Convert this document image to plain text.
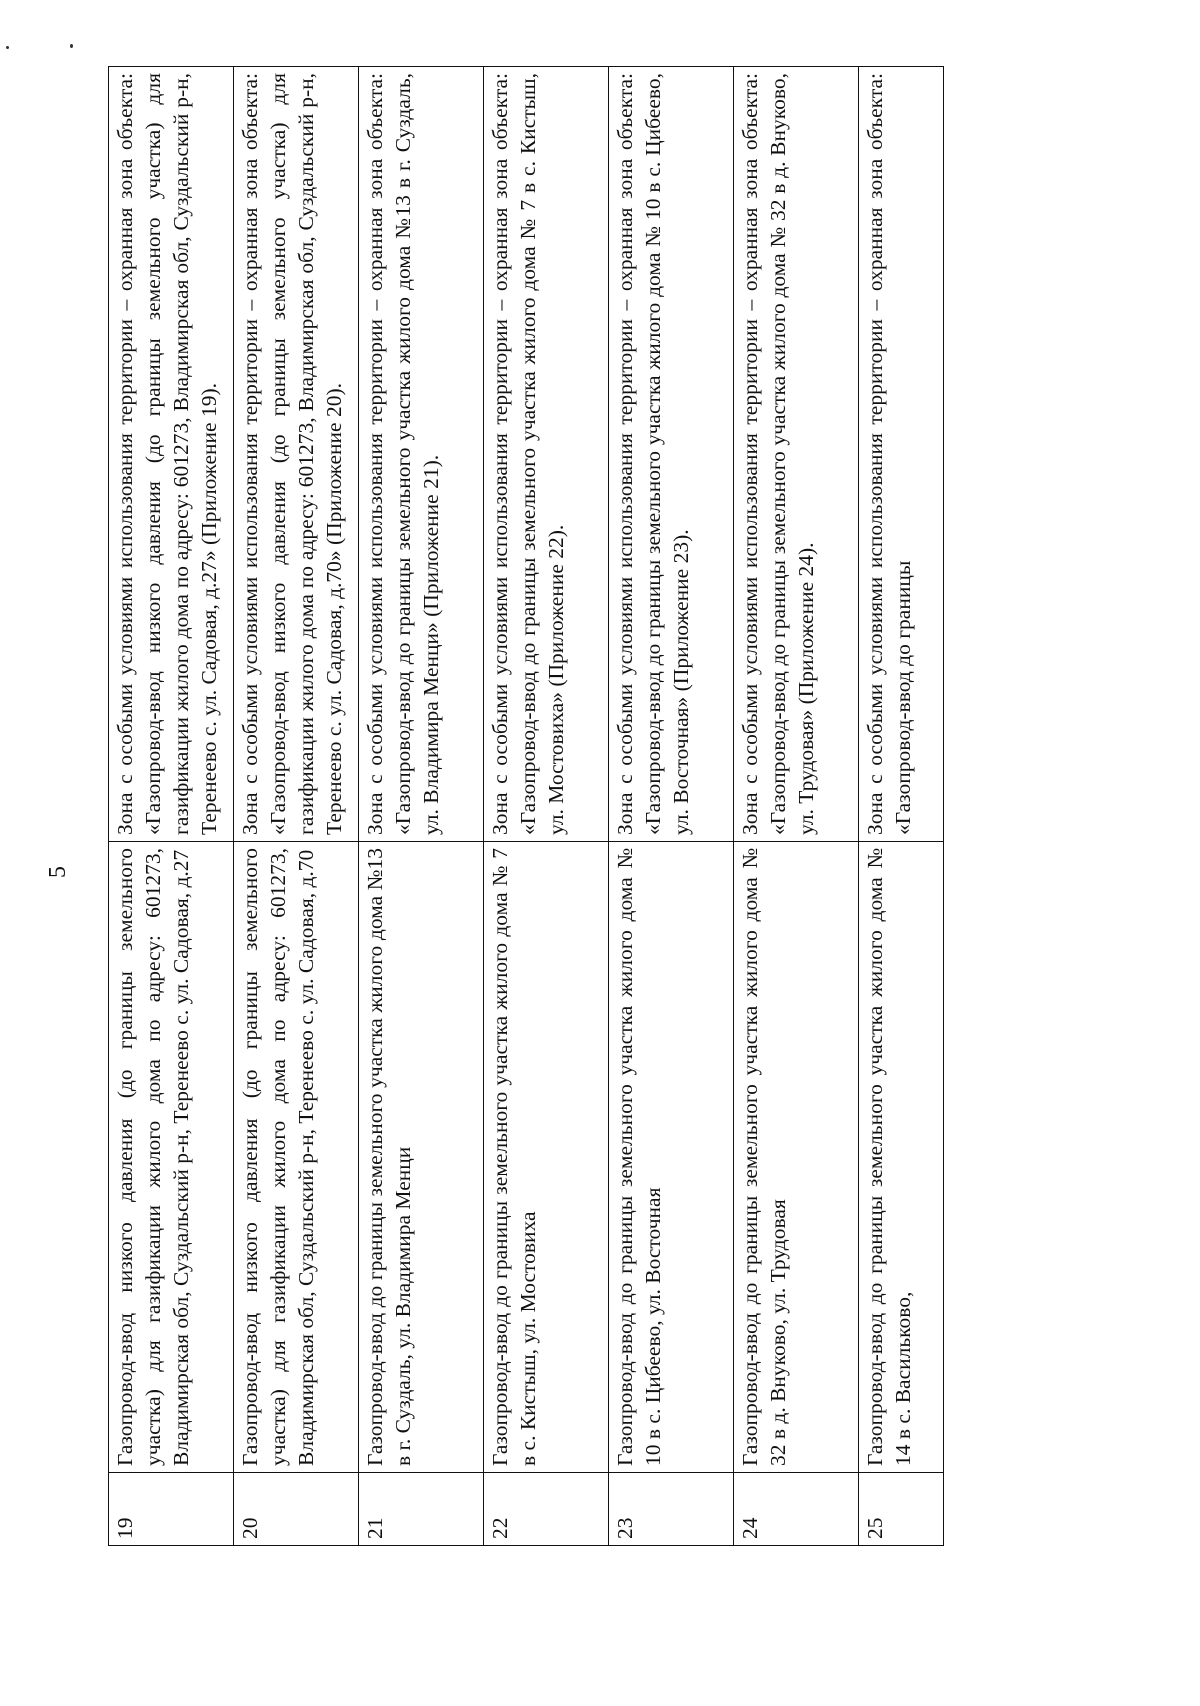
5
19	Газопровод-ввод низкого давления (до границы земельного участка) для газификации жилого дома по адресу: 601273, Владимирская обл, Суздальский р-н, Теренеево с. ул. Садовая, д.27	Зона с особыми условиями использования территории – охранная зона объекта: «Газопровод-ввод низкого давления (до границы земельного участка) для газификации жилого дома по адресу: 601273, Владимирская обл, Суздальский р-н, Теренеево с. ул. Садовая, д.27» (Приложение 19).
20	Газопровод-ввод низкого давления (до границы земельного участка) для газификации жилого дома по адресу: 601273, Владимирская обл, Суздальский р-н, Теренеево с. ул. Садовая, д.70	Зона с особыми условиями использования территории – охранная зона объекта: «Газопровод-ввод низкого давления (до границы земельного участка) для газификации жилого дома по адресу: 601273, Владимирская обл, Суздальский р-н, Теренеево с. ул. Садовая, д.70» (Приложение 20).
21	Газопровод-ввод до границы земельного участка жилого дома №13 в г. Суздаль, ул. Владимира Менци	Зона с особыми условиями использования территории – охранная зона объекта: «Газопровод-ввод до границы земельного участка жилого дома №13 в г. Суздаль, ул. Владимира Менци» (Приложение 21).
22	Газопровод-ввод до границы земельного участка жилого дома № 7 в с. Кистыш, ул. Мостовиха	Зона с особыми условиями использования территории – охранная зона объекта: «Газопровод-ввод до границы земельного участка жилого дома № 7 в с. Кистыш, ул. Мостовиха» (Приложение 22).
23	Газопровод-ввод до границы земельного участка жилого дома № 10 в с. Цибеево, ул. Восточная	Зона с особыми условиями использования территории – охранная зона объекта: «Газопровод-ввод до границы земельного участка жилого дома № 10 в с. Цибеево, ул. Восточная» (Приложение 23).
24	Газопровод-ввод до границы земельного участка жилого дома № 32 в д. Внуково, ул. Трудовая	Зона с особыми условиями использования территории – охранная зона объекта: «Газопровод-ввод до границы земельного участка жилого дома № 32 в д. Внуково, ул. Трудовая» (Приложение 24).
25	Газопровод-ввод до границы земельного участка жилого дома № 14 в с. Васильково,	Зона с особыми условиями использования территории – охранная зона объекта: «Газопровод-ввод до границы
